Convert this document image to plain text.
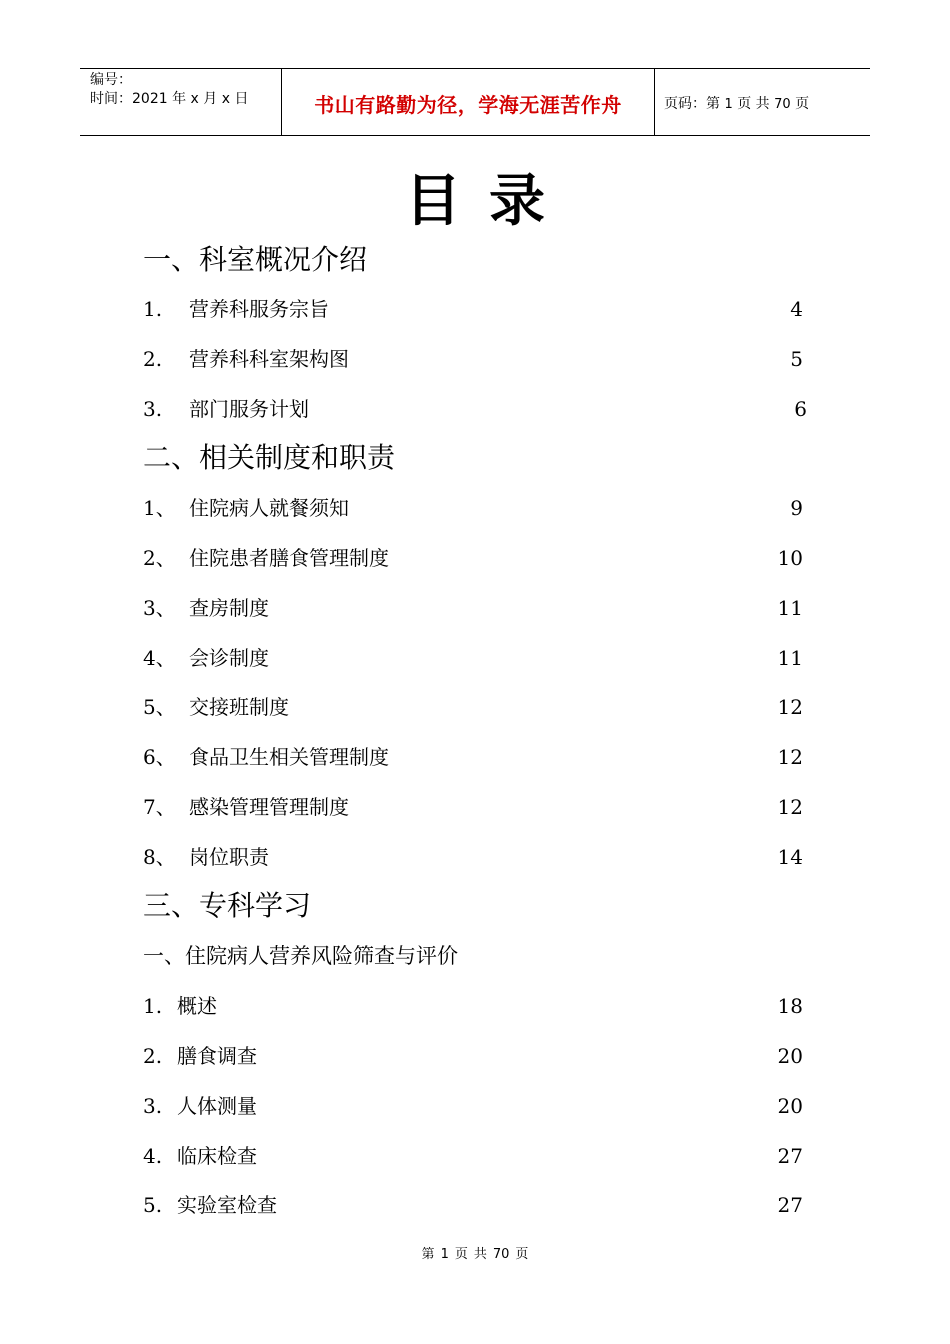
编号：
时间：2021 年 x 月 x 日	书山有路勤为径，学海无涯苦作舟	页码：第 1 页 共 70 页
目录
一、科室概况介绍
1. 营养科服务宗旨	4
2. 营养科科室架构图	5
3. 部门服务计划	6
二、相关制度和职责
1、 住院病人就餐须知	9
2、 住院患者膳食管理制度	10
3、 查房制度	11
4、 会诊制度	11
5、 交接班制度	12
6、 食品卫生相关管理制度	12
7、 感染管理管理制度	12
8、 岗位职责	14
三、专科学习
一、住院病人营养风险筛查与评价
1. 概述	18
2. 膳食调查	20
3. 人体测量	20
4. 临床检查	27
5. 实验室检查	27
第 1 页 共 70 页
